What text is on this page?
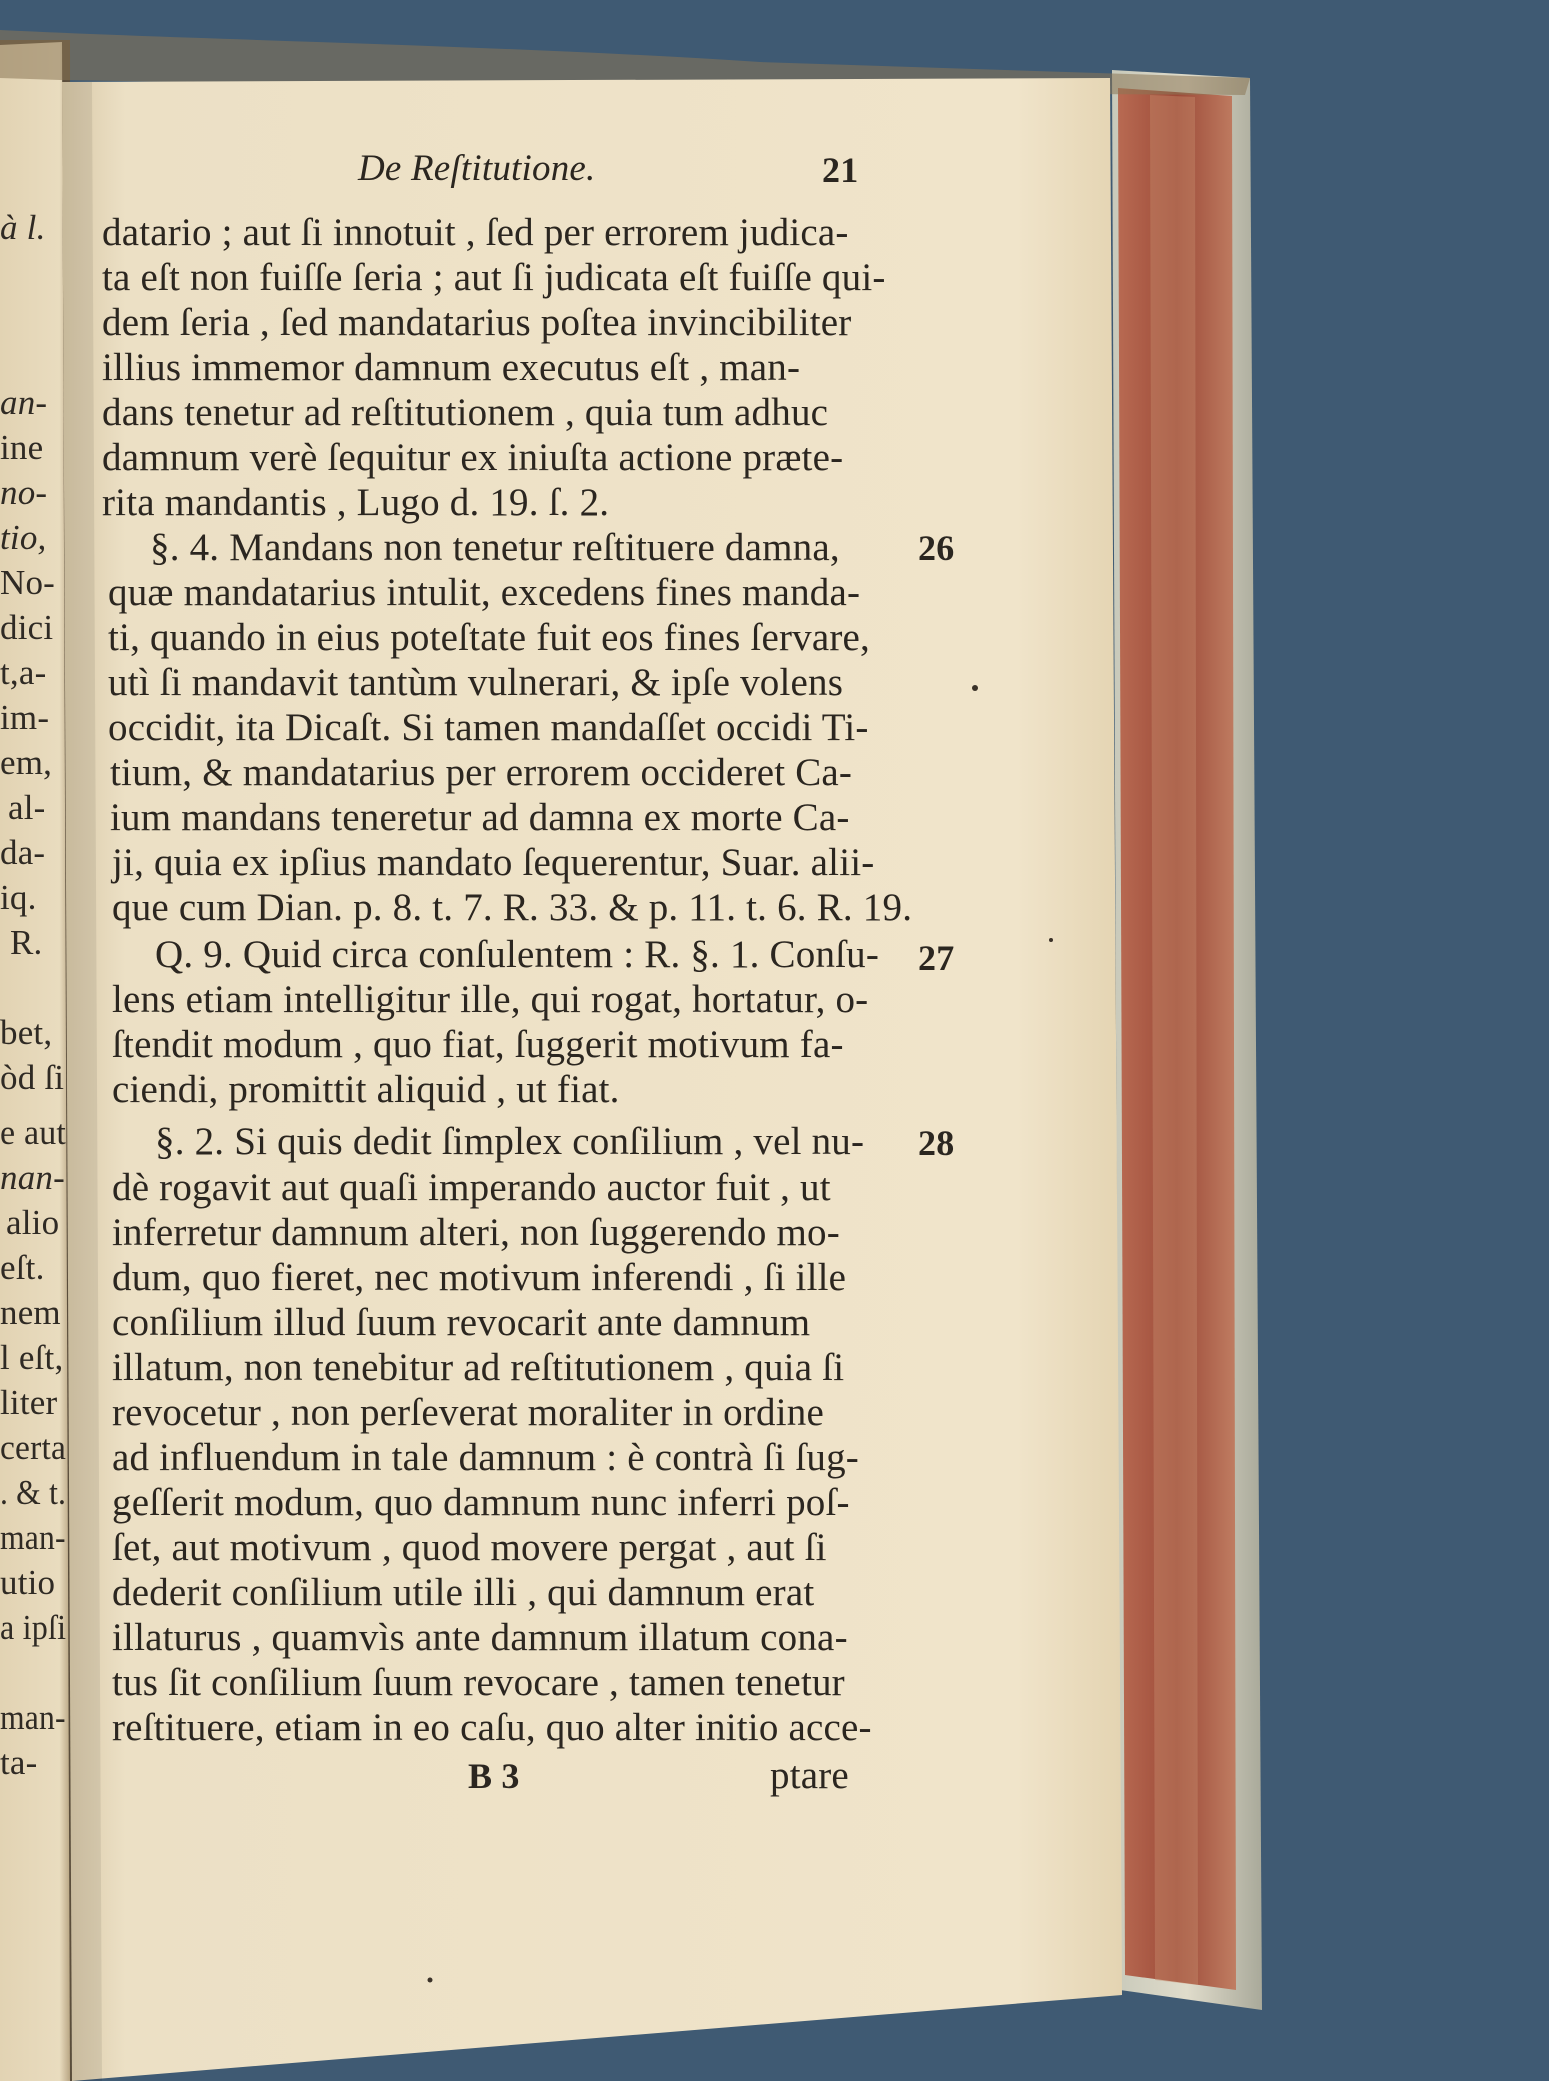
De Reſtitutione.	21
datario ; aut ſi innotuit , ſed per errorem judica-
ta eſt non fuiſſe ſeria ; aut ſi judicata eſt fuiſſe qui-
dem ſeria , ſed mandatarius poſtea invincibiliter
illius immemor damnum executus eſt , man-
dans tenetur ad reſtitutionem , quia tum adhuc
damnum verè ſequitur ex iniuſta actione præte-
rita mandantis , Lugo d. 19. ſ. 2.
§. 4. Mandans non tenetur reſtituere damna,
quæ mandatarius intulit, excedens fines manda-
ti, quando in eius poteſtate fuit eos fines ſervare,
utì ſi mandavit tantùm vulnerari, & ipſe volens
occidit, ita Dicaſt. Si tamen mandaſſet occidi Ti-
tium, & mandatarius per errorem occideret Ca-
ium mandans teneretur ad damna ex morte Ca-
ji, quia ex ipſius mandato ſequerentur, Suar. alii-
que cum Dian. p. 8. t. 7. R. 33. & p. 11. t. 6. R. 19.
Q. 9. Quid circa conſulentem : R. §. 1. Conſu-
lens etiam intelligitur ille, qui rogat, hortatur, o-
ſtendit modum , quo fiat, ſuggerit motivum fa-
ciendi, promittit aliquid , ut fiat.
§. 2. Si quis dedit ſimplex conſilium , vel nu-
dè rogavit aut quaſi imperando auctor fuit , ut
inferretur damnum alteri, non ſuggerendo mo-
dum, quo fieret, nec motivum inferendi , ſi ille
conſilium illud ſuum revocarit ante damnum
illatum, non tenebitur ad reſtitutionem , quia ſi
revocetur , non perſeverat moraliter in ordine
ad influendum in tale damnum : è contrà ſi ſug-
geſſerit modum, quo damnum nunc inferri poſ-
ſet, aut motivum , quod movere pergat , aut ſi
dederit conſilium utile illi , qui damnum erat
illaturus , quamvìs ante damnum illatum cona-
tus ſit conſilium ſuum revocare , tamen tenetur
reſtituere, etiam in eo caſu, quo alter initio acce-
B 3	ptare
26
27
28
à l.
an-
ine
no-
tio,
No-
dici
t,a-
im-
em,
al-
da-
iq.
R.
bet,
òd ſi
e aut
nan-
alio
eſt.
nem
l eſt,
liter
certa
. & t.
man-
utio
a ipſi
man-
ta-
